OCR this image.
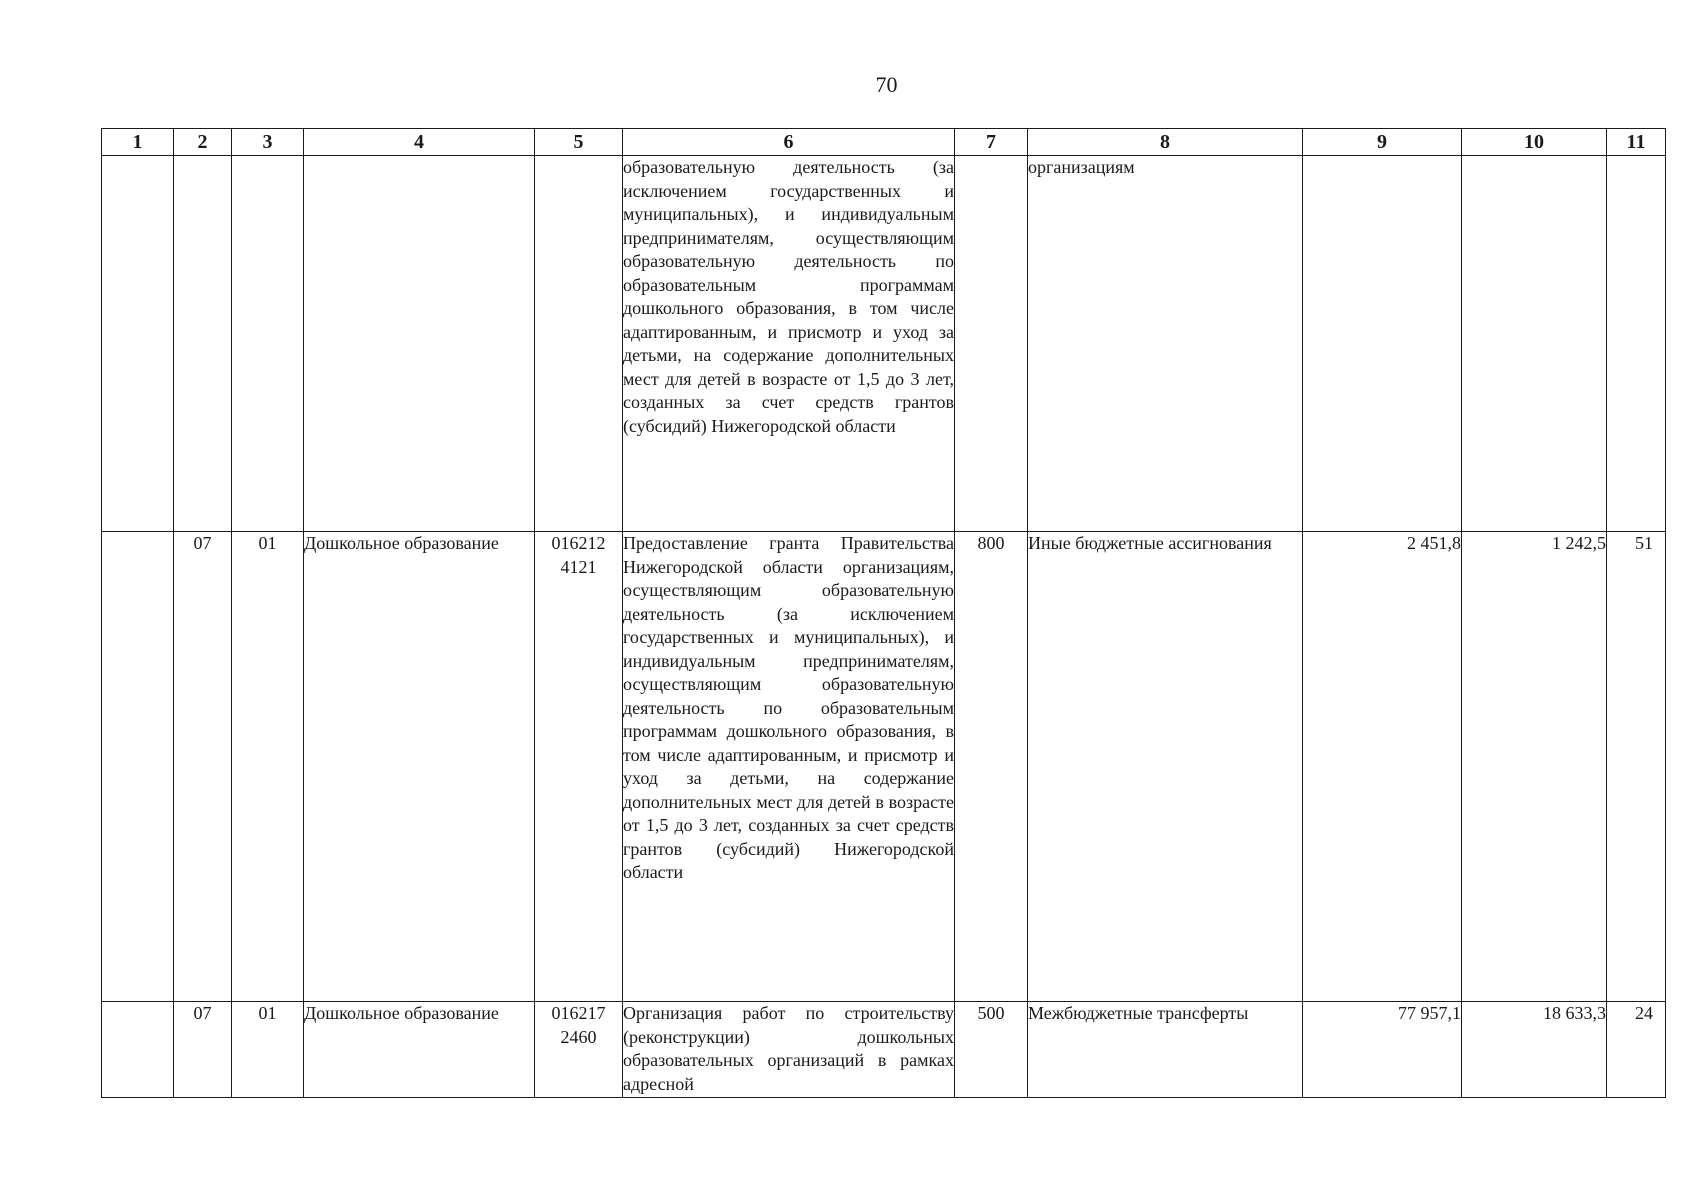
70
1	2	3	4	5	6	7	8	9	10	11
					образовательную деятельность (за исключением государственных и муниципальных), и индивидуальным предпринимателям, осуществляющим образовательную деятельность по образовательным программам дошкольного образования, в том числе адаптированным, и присмотр и уход за детьми, на содержание дополнительных мест для детей в возрасте от 1,5 до 3 лет, созданных за счет средств грантов (субсидий) Нижегородской области		организациям			
	07	01	Дошкольное образование	016212 4121	Предоставление гранта Правительства Нижегородской области организациям, осуществляющим образовательную деятельность (за исключением государственных и муниципальных), и индивидуальным предпринимателям, осуществляющим образовательную деятельность по образовательным программам дошкольного образования, в том числе адаптированным, и присмотр и уход за детьми, на содержание дополнительных мест для детей в возрасте от 1,5 до 3 лет, созданных за счет средств грантов (субсидий) Нижегородской области	800	Иные бюджетные ассигнования	2 451,8	1 242,5	51
	07	01	Дошкольное образование	016217 2460	Организация работ по строительству (реконструкции) дошкольных образовательных организаций в рамках адресной	500	Межбюджетные трансферты	77 957,1	18 633,3	24
